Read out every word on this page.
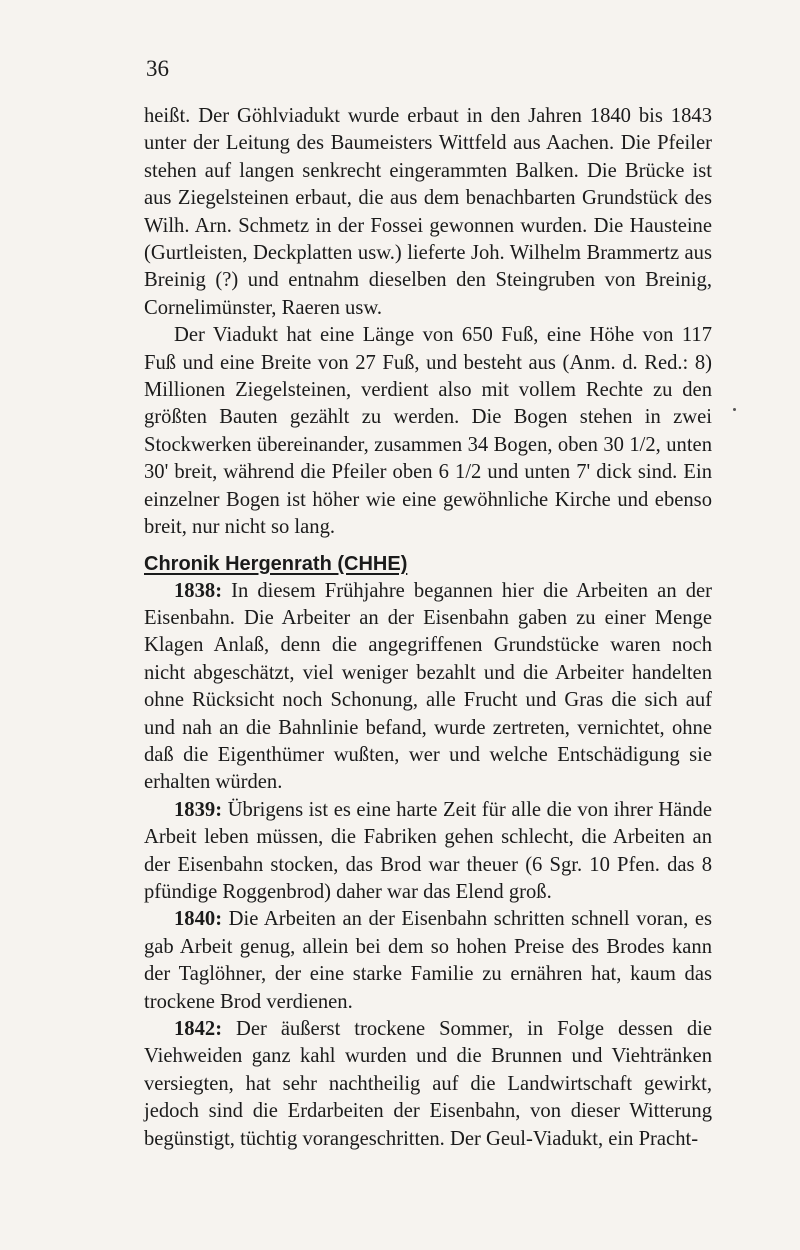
36

heißt. Der Göhlviadukt wurde erbaut in den Jahren 1840 bis 1843 unter der Leitung des Baumeisters Wittfeld aus Aachen. Die Pfeiler stehen auf langen senkrecht eingerammten Balken. Die Brücke ist aus Ziegelsteinen erbaut, die aus dem benachbarten Grundstück des Wilh. Arn. Schmetz in der Fossei gewonnen wurden. Die Hausteine (Gurtleisten, Deckplatten usw.) lieferte Joh. Wilhelm Brammertz aus Breinig (?) und entnahm dieselben den Steingruben von Breinig, Cornelimünster, Raeren usw.

Der Viadukt hat eine Länge von 650 Fuß, eine Höhe von 117 Fuß und eine Breite von 27 Fuß, und besteht aus (Anm. d. Red.: 8) Millionen Ziegelsteinen, verdient also mit vollem Rechte zu den größten Bauten gezählt zu werden. Die Bogen stehen in zwei Stockwerken übereinander, zusammen 34 Bogen, oben 30 1/2, unten 30' breit, während die Pfeiler oben 6 1/2 und unten 7' dick sind. Ein einzelner Bogen ist höher wie eine gewöhnliche Kirche und ebenso breit, nur nicht so lang.

Chronik Hergenrath (CHHE)

1838: In diesem Frühjahre begannen hier die Arbeiten an der Eisenbahn. Die Arbeiter an der Eisenbahn gaben zu einer Menge Klagen Anlaß, denn die angegriffenen Grundstücke waren noch nicht abgeschätzt, viel weniger bezahlt und die Arbeiter handelten ohne Rücksicht noch Schonung, alle Frucht und Gras die sich auf und nah an die Bahnlinie befand, wurde zertreten, vernichtet, ohne daß die Eigenthümer wußten, wer und welche Entschädigung sie erhalten würden.

1839: Übrigens ist es eine harte Zeit für alle die von ihrer Hände Arbeit leben müssen, die Fabriken gehen schlecht, die Arbeiten an der Eisenbahn stocken, das Brod war theuer (6 Sgr. 10 Pfen. das 8 pfündige Roggenbrod) daher war das Elend groß.

1840: Die Arbeiten an der Eisenbahn schritten schnell voran, es gab Arbeit genug, allein bei dem so hohen Preise des Brodes kann der Taglöhner, der eine starke Familie zu ernähren hat, kaum das trockene Brod verdienen.

1842: Der äußerst trockene Sommer, in Folge dessen die Viehweiden ganz kahl wurden und die Brunnen und Viehtränken versiegten, hat sehr nachtheilig auf die Landwirtschaft gewirkt, jedoch sind die Erdarbeiten der Eisenbahn, von dieser Witterung begünstigt, tüchtig vorangeschritten. Der Geul-Viadukt, ein Pracht-
